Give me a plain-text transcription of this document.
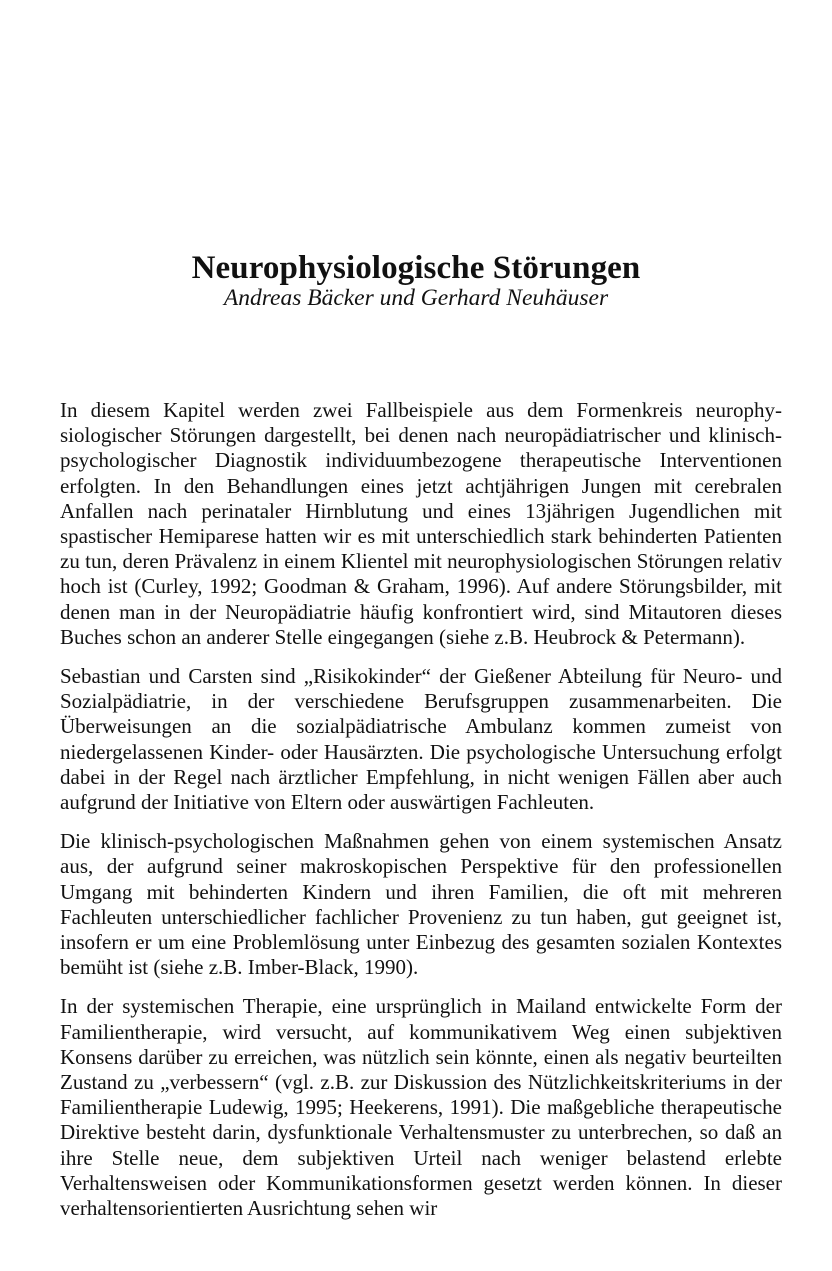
Neurophysiologische Störungen
Andreas Bäcker und Gerhard Neuhäuser

In diesem Kapitel werden zwei Fallbeispiele aus dem Formenkreis neurophysiologischer Störungen dargestellt, bei denen nach neuropädiatrischer und klinisch-psychologischer Diagnostik individuumbezogene therapeutische Interventionen erfolgten. In den Behandlungen eines jetzt achtjährigen Jungen mit cerebralen Anfallen nach perinataler Hirnblutung und eines 13jährigen Jugendlichen mit spastischer Hemiparese hatten wir es mit unterschiedlich stark behinderten Patienten zu tun, deren Prävalenz in einem Klientel mit neurophysiologischen Störungen relativ hoch ist (Curley, 1992; Goodman & Graham, 1996). Auf andere Störungsbilder, mit denen man in der Neuropädiatrie häufig konfrontiert wird, sind Mitautoren dieses Buches schon an anderer Stelle eingegangen (siehe z.B. Heubrock & Petermann).

Sebastian und Carsten sind „Risikokinder“ der Gießener Abteilung für Neuro- und Sozialpädiatrie, in der verschiedene Berufsgruppen zusammenarbeiten. Die Überweisungen an die sozialpädiatrische Ambulanz kommen zumeist von niedergelassenen Kinder- oder Hausärzten. Die psychologische Untersuchung erfolgt dabei in der Regel nach ärztlicher Empfehlung, in nicht wenigen Fällen aber auch aufgrund der Initiative von Eltern oder auswärtigen Fachleuten.

Die klinisch-psychologischen Maßnahmen gehen von einem systemischen Ansatz aus, der aufgrund seiner makroskopischen Perspektive für den professionellen Umgang mit behinderten Kindern und ihren Familien, die oft mit mehreren Fachleuten unterschiedlicher fachlicher Provenienz zu tun haben, gut geeignet ist, insofern er um eine Problemlösung unter Einbezug des gesamten sozialen Kontextes bemüht ist (siehe z.B. Imber-Black, 1990).

In der systemischen Therapie, eine ursprünglich in Mailand entwickelte Form der Familientherapie, wird versucht, auf kommunikativem Weg einen subjektiven Konsens darüber zu erreichen, was nützlich sein könnte, einen als negativ beurteilten Zustand zu „verbessern“ (vgl. z.B. zur Diskussion des Nützlichkeitskriteriums in der Familientherapie Ludewig, 1995; Heekerens, 1991). Die maßgebliche therapeutische Direktive besteht darin, dysfunktionale Verhaltensmuster zu unterbrechen, so daß an ihre Stelle neue, dem subjektiven Urteil nach weniger belastend erlebte Verhaltensweisen oder Kommunikationsformen gesetzt werden können. In dieser verhaltensorientierten Ausrichtung sehen wir
